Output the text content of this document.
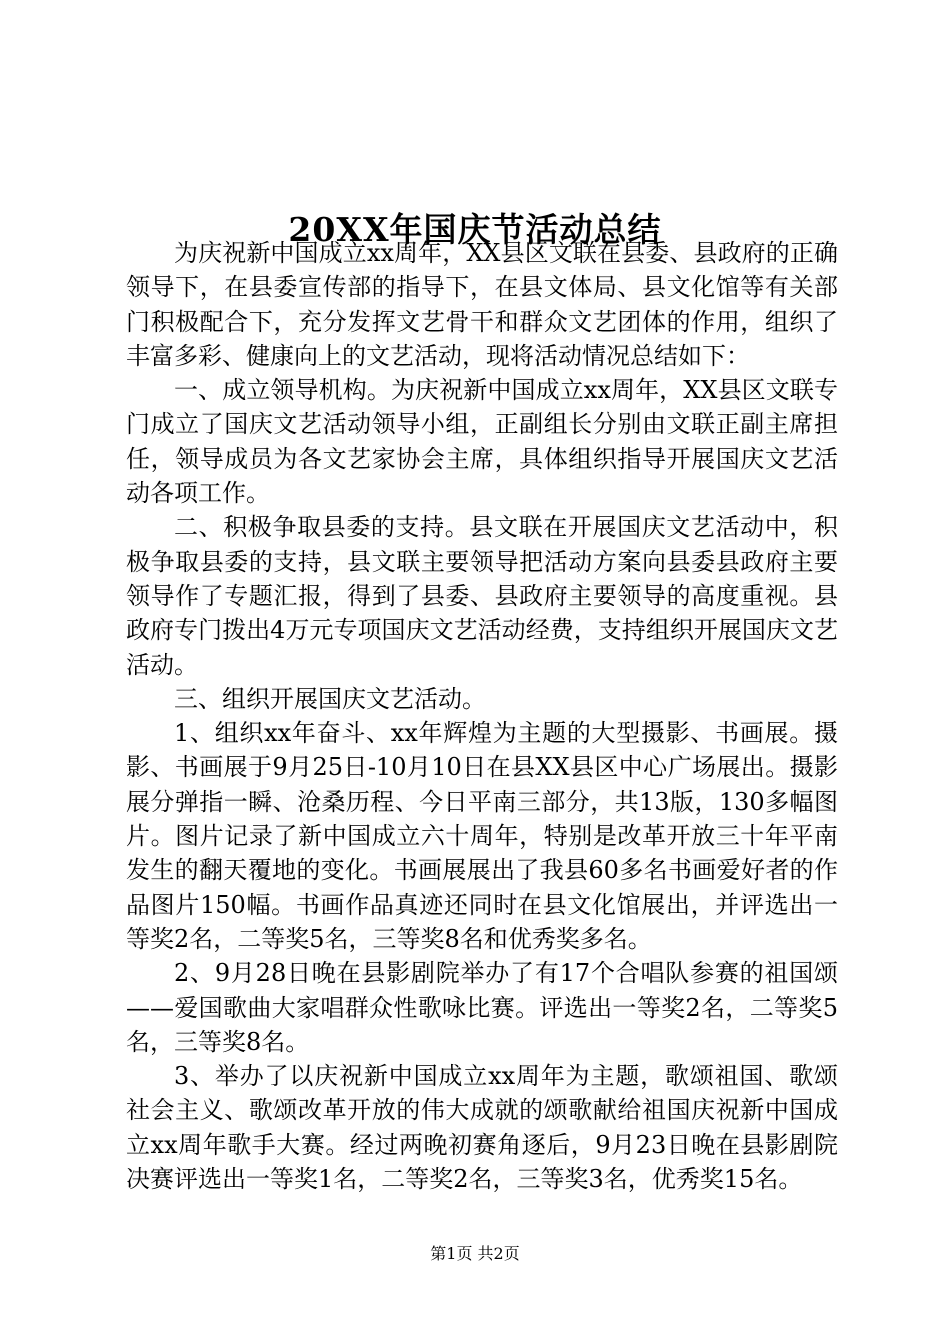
20XX年国庆节活动总结

为庆祝新中国成立xx周年，XX县区文联在县委、县政府的正确领导下，在县委宣传部的指导下，在县文体局、县文化馆等有关部门积极配合下，充分发挥文艺骨干和群众文艺团体的作用，组织了丰富多彩、健康向上的文艺活动，现将活动情况总结如下：

一、成立领导机构。为庆祝新中国成立xx周年，XX县区文联专门成立了国庆文艺活动领导小组，正副组长分别由文联正副主席担任，领导成员为各文艺家协会主席，具体组织指导开展国庆文艺活动各项工作。

二、积极争取县委的支持。县文联在开展国庆文艺活动中，积极争取县委的支持，县文联主要领导把活动方案向县委县政府主要领导作了专题汇报，得到了县委、县政府主要领导的高度重视。县政府专门拨出4万元专项国庆文艺活动经费，支持组织开展国庆文艺活动。

三、组织开展国庆文艺活动。

1、组织xx年奋斗、xx年辉煌为主题的大型摄影、书画展。摄影、书画展于9月25日-10月10日在县XX县区中心广场展出。摄影展分弹指一瞬、沧桑历程、今日平南三部分，共13版，130多幅图片。图片记录了新中国成立六十周年，特别是改革开放三十年平南发生的翻天覆地的变化。书画展展出了我县60多名书画爱好者的作品图片150幅。书画作品真迹还同时在县文化馆展出，并评选出一等奖2名，二等奖5名，三等奖8名和优秀奖多名。

2、9月28日晚在县影剧院举办了有17个合唱队参赛的祖国颂——爱国歌曲大家唱群众性歌咏比赛。评选出一等奖2名，二等奖5名，三等奖8名。

3、举办了以庆祝新中国成立xx周年为主题，歌颂祖国、歌颂社会主义、歌颂改革开放的伟大成就的颂歌献给祖国庆祝新中国成立xx周年歌手大赛。经过两晚初赛角逐后，9月23日晚在县影剧院决赛评选出一等奖1名，二等奖2名，三等奖3名，优秀奖15名。

第1页 共2页
